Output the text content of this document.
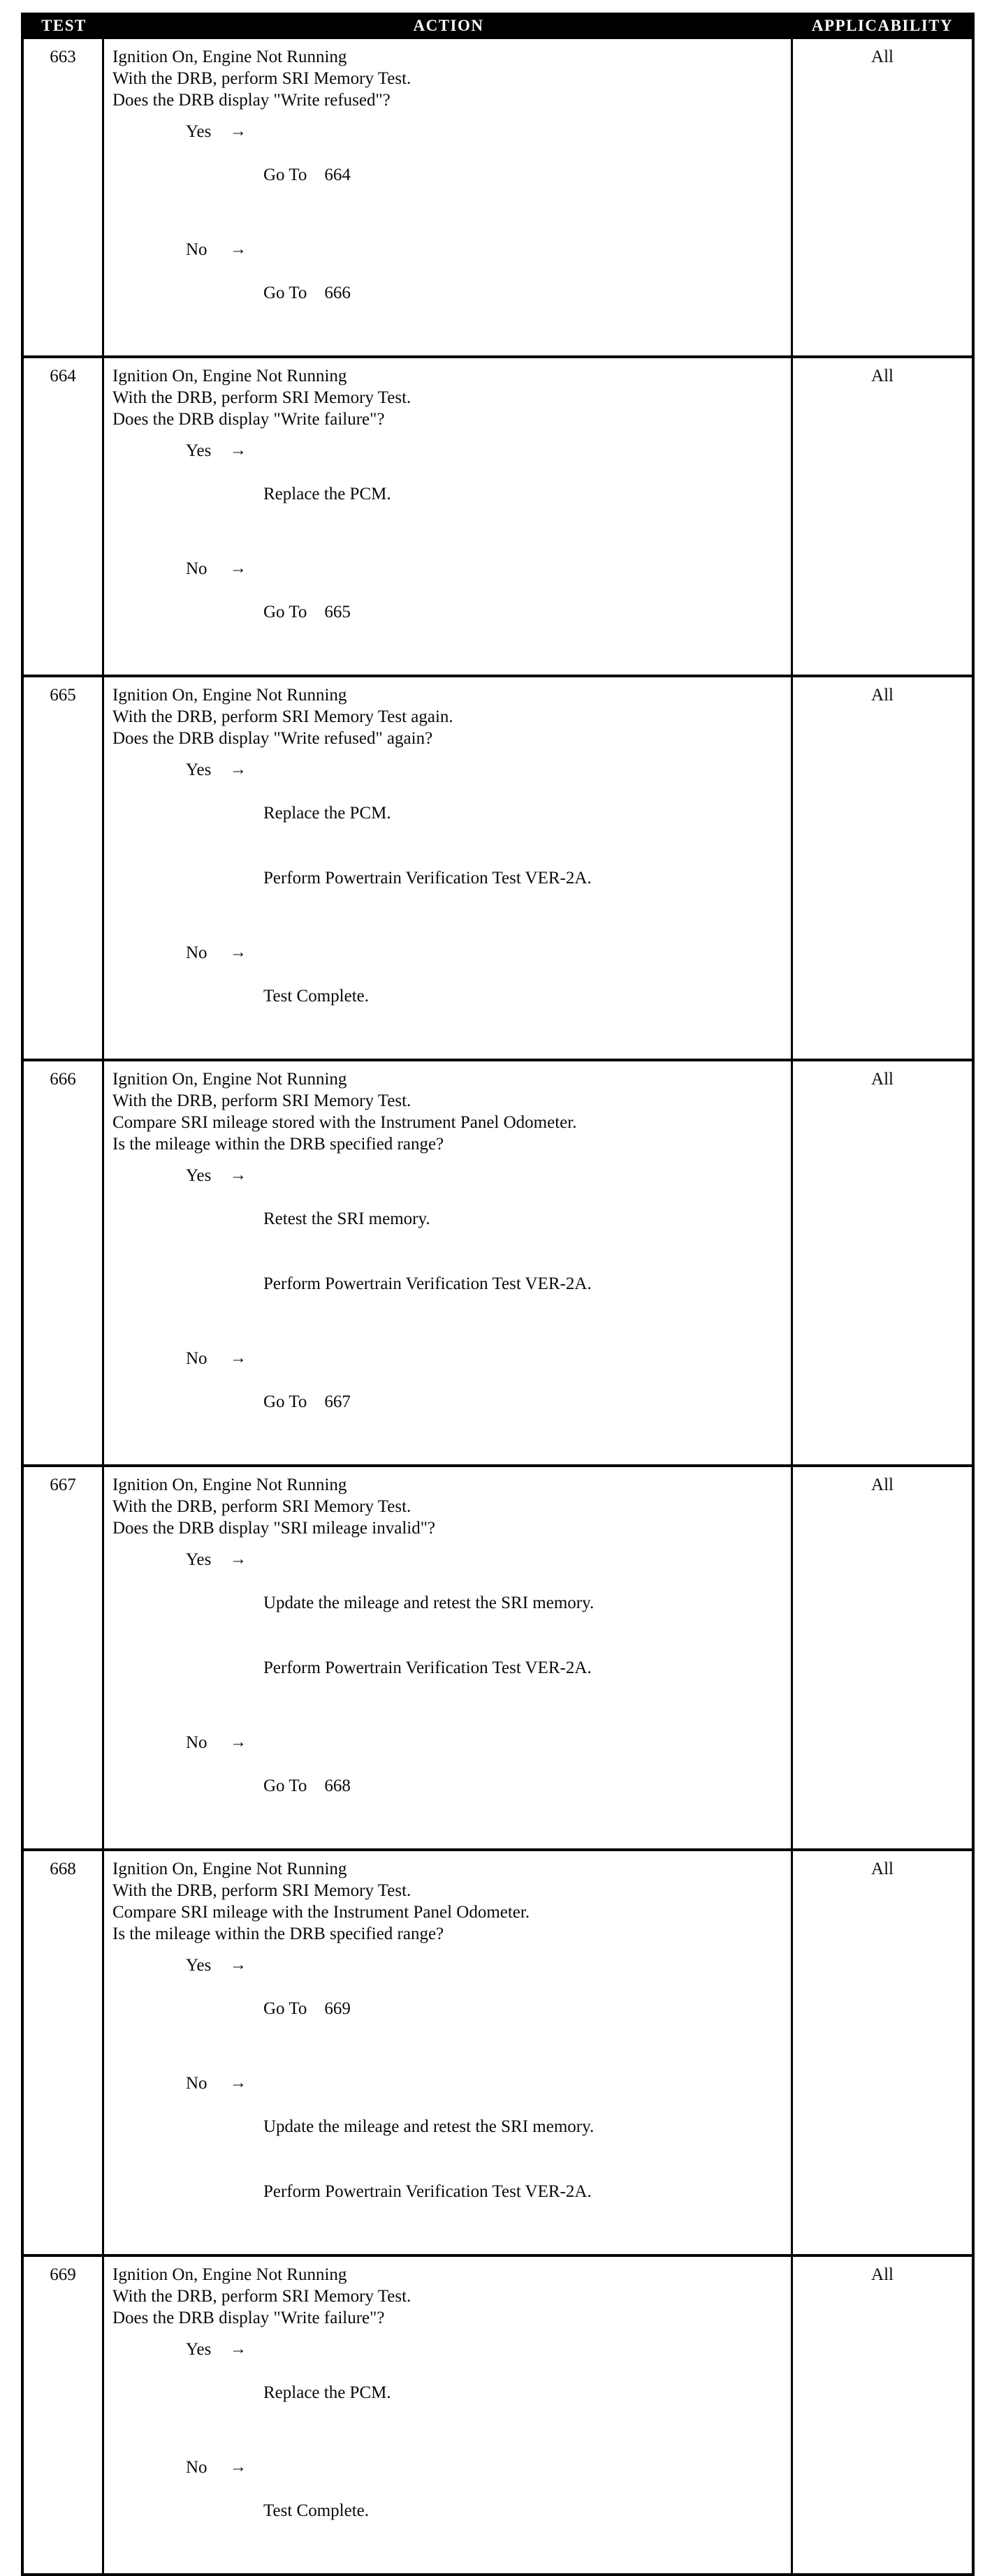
TEST	ACTION	APPLICABILITY
663	Ignition On, Engine Not Running
With the DRB, perform SRI Memory Test.
Does the DRB display "Write refused"?
Yes	→

Go To    664

No	→

Go To    666

All
664	Ignition On, Engine Not Running
With the DRB, perform SRI Memory Test.
Does the DRB display "Write failure"?
Yes	→

Replace the PCM.

No	→

Go To    665

All
665	Ignition On, Engine Not Running
With the DRB, perform SRI Memory Test again.
Does the DRB display "Write refused" again?
Yes	→

Replace the PCM.

Perform Powertrain Verification Test VER-2A.

No	→

Test Complete.

All
666	Ignition On, Engine Not Running
With the DRB, perform SRI Memory Test.
Compare SRI mileage stored with the Instrument Panel Odometer.
Is the mileage within the DRB specified range?
Yes	→

Retest the SRI memory.

Perform Powertrain Verification Test VER-2A.

No	→

Go To    667

All
667	Ignition On, Engine Not Running
With the DRB, perform SRI Memory Test.
Does the DRB display "SRI mileage invalid"?
Yes	→

Update the mileage and retest the SRI memory.

Perform Powertrain Verification Test VER-2A.

No	→

Go To    668

All
668	Ignition On, Engine Not Running
With the DRB, perform SRI Memory Test.
Compare SRI mileage with the Instrument Panel Odometer.
Is the mileage within the DRB specified range?
Yes	→

Go To    669

No	→

Update the mileage and retest the SRI memory.

Perform Powertrain Verification Test VER-2A.

All
669	Ignition On, Engine Not Running
With the DRB, perform SRI Memory Test.
Does the DRB display "Write failure"?
Yes	→

Replace the PCM.

No	→

Test Complete.

All
